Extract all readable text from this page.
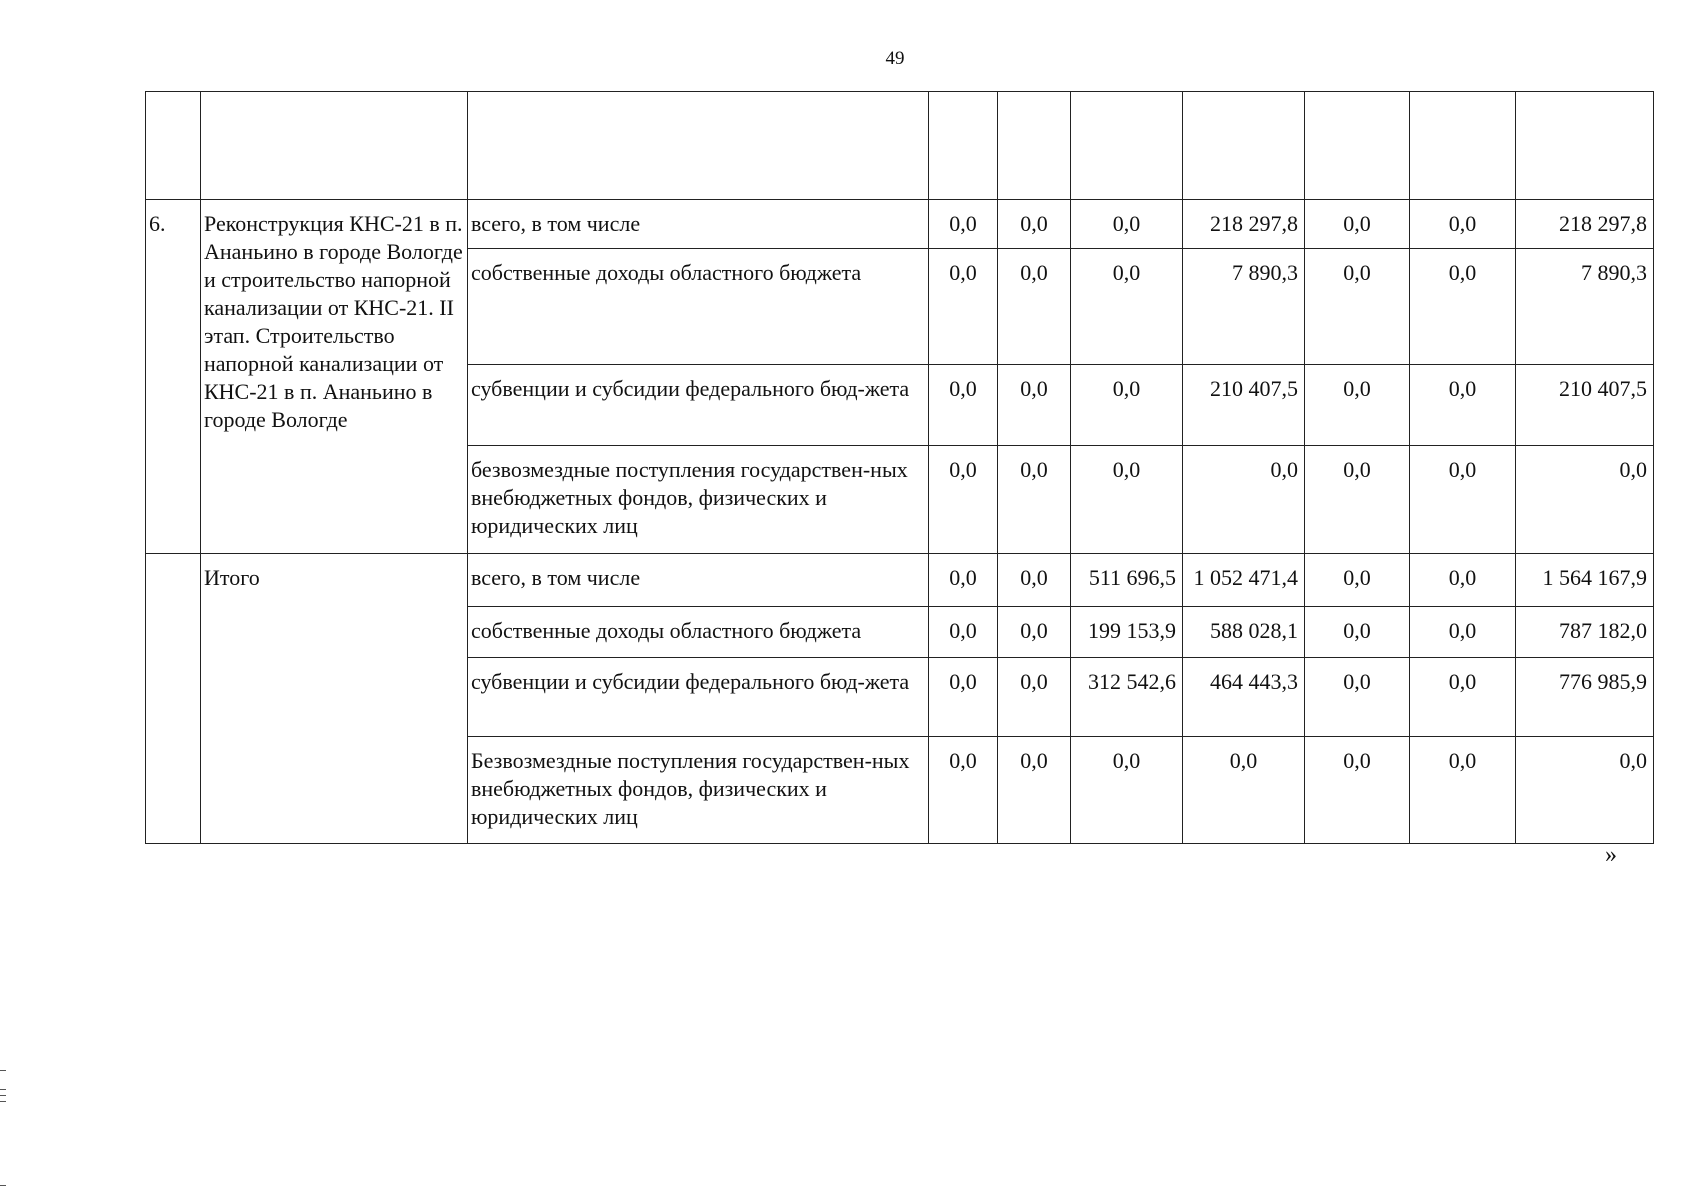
49

6.	Реконструкция КНС-21 в п. Ананьино в городе Вологде и строительство напорной канализации от КНС-21. II этап. Строительство напорной канализации от КНС-21 в п. Ананьино в городе Вологде	всего, в том числе	0,0	0,0	0,0	218 297,8	0,0	0,0	218 297,8
		собственные доходы областного бюджета	0,0	0,0	0,0	7 890,3	0,0	0,0	7 890,3
		субвенции и субсидии федерального бюд-жета	0,0	0,0	0,0	210 407,5	0,0	0,0	210 407,5
		безвозмездные поступления государствен-ных внебюджетных фондов, физических и юридических лиц	0,0	0,0	0,0	0,0	0,0	0,0	0,0
	Итого	всего, в том числе	0,0	0,0	511 696,5	1 052 471,4	0,0	0,0	1 564 167,9
		собственные доходы областного бюджета	0,0	0,0	199 153,9	588 028,1	0,0	0,0	787 182,0
		субвенции и субсидии федерального бюд-жета	0,0	0,0	312 542,6	464 443,3	0,0	0,0	776 985,9
		Безвозмездные поступления государствен-ных внебюджетных фондов, физических и юридических лиц	0,0	0,0	0,0	0,0	0,0	0,0	0,0
»
